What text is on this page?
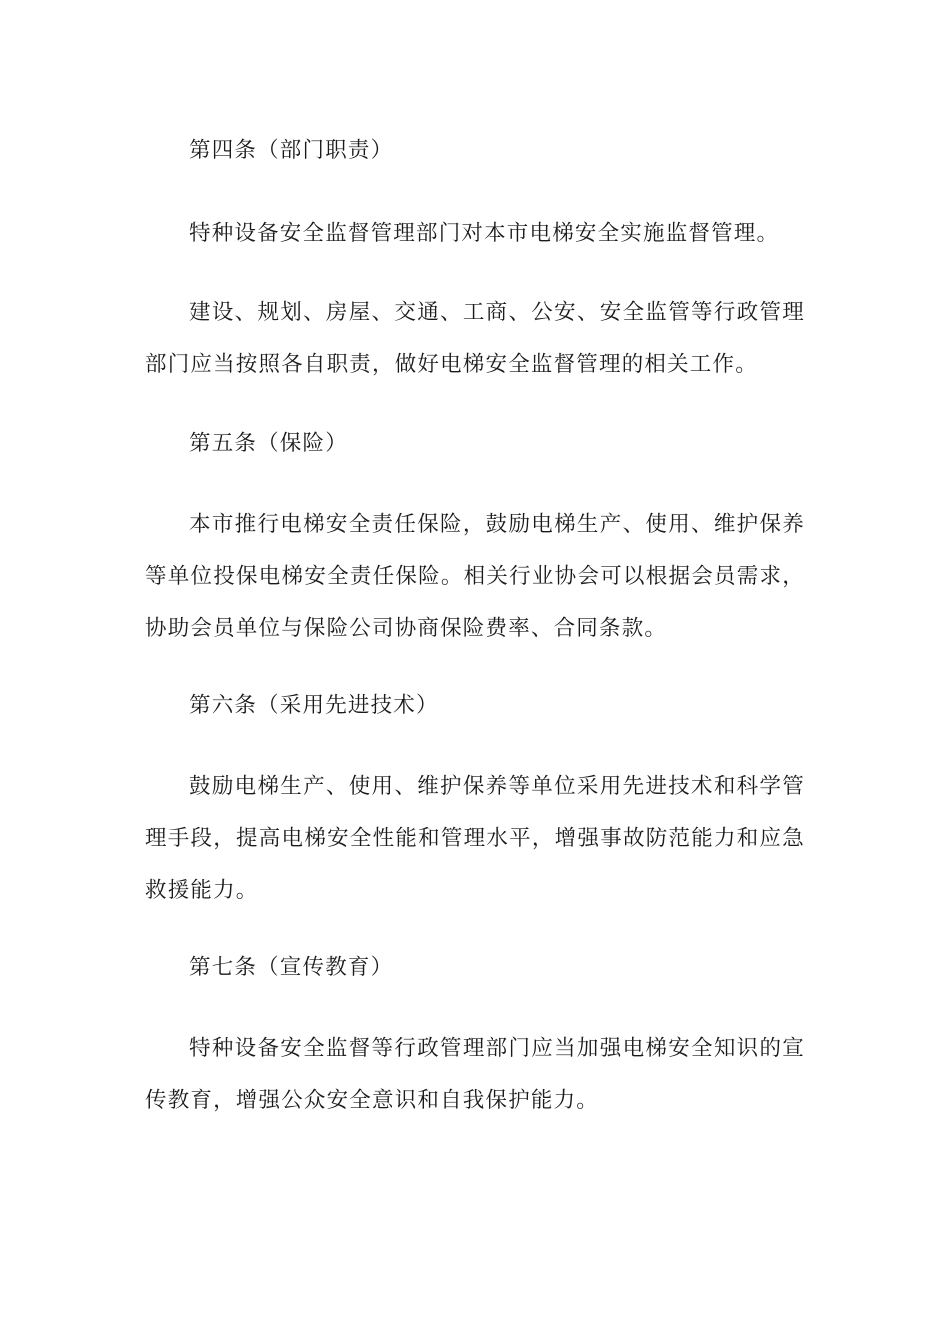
第四条（部门职责）

特种设备安全监督管理部门对本市电梯安全实施监督管理。

建设、规划、房屋、交通、工商、公安、安全监管等行政管理部门应当按照各自职责，做好电梯安全监督管理的相关工作。

第五条（保险）

本市推行电梯安全责任保险，鼓励电梯生产、使用、维护保养等单位投保电梯安全责任保险。相关行业协会可以根据会员需求，协助会员单位与保险公司协商保险费率、合同条款。

第六条（采用先进技术）

鼓励电梯生产、使用、维护保养等单位采用先进技术和科学管理手段，提高电梯安全性能和管理水平，增强事故防范能力和应急救援能力。

第七条（宣传教育）

特种设备安全监督等行政管理部门应当加强电梯安全知识的宣传教育，增强公众安全意识和自我保护能力。
